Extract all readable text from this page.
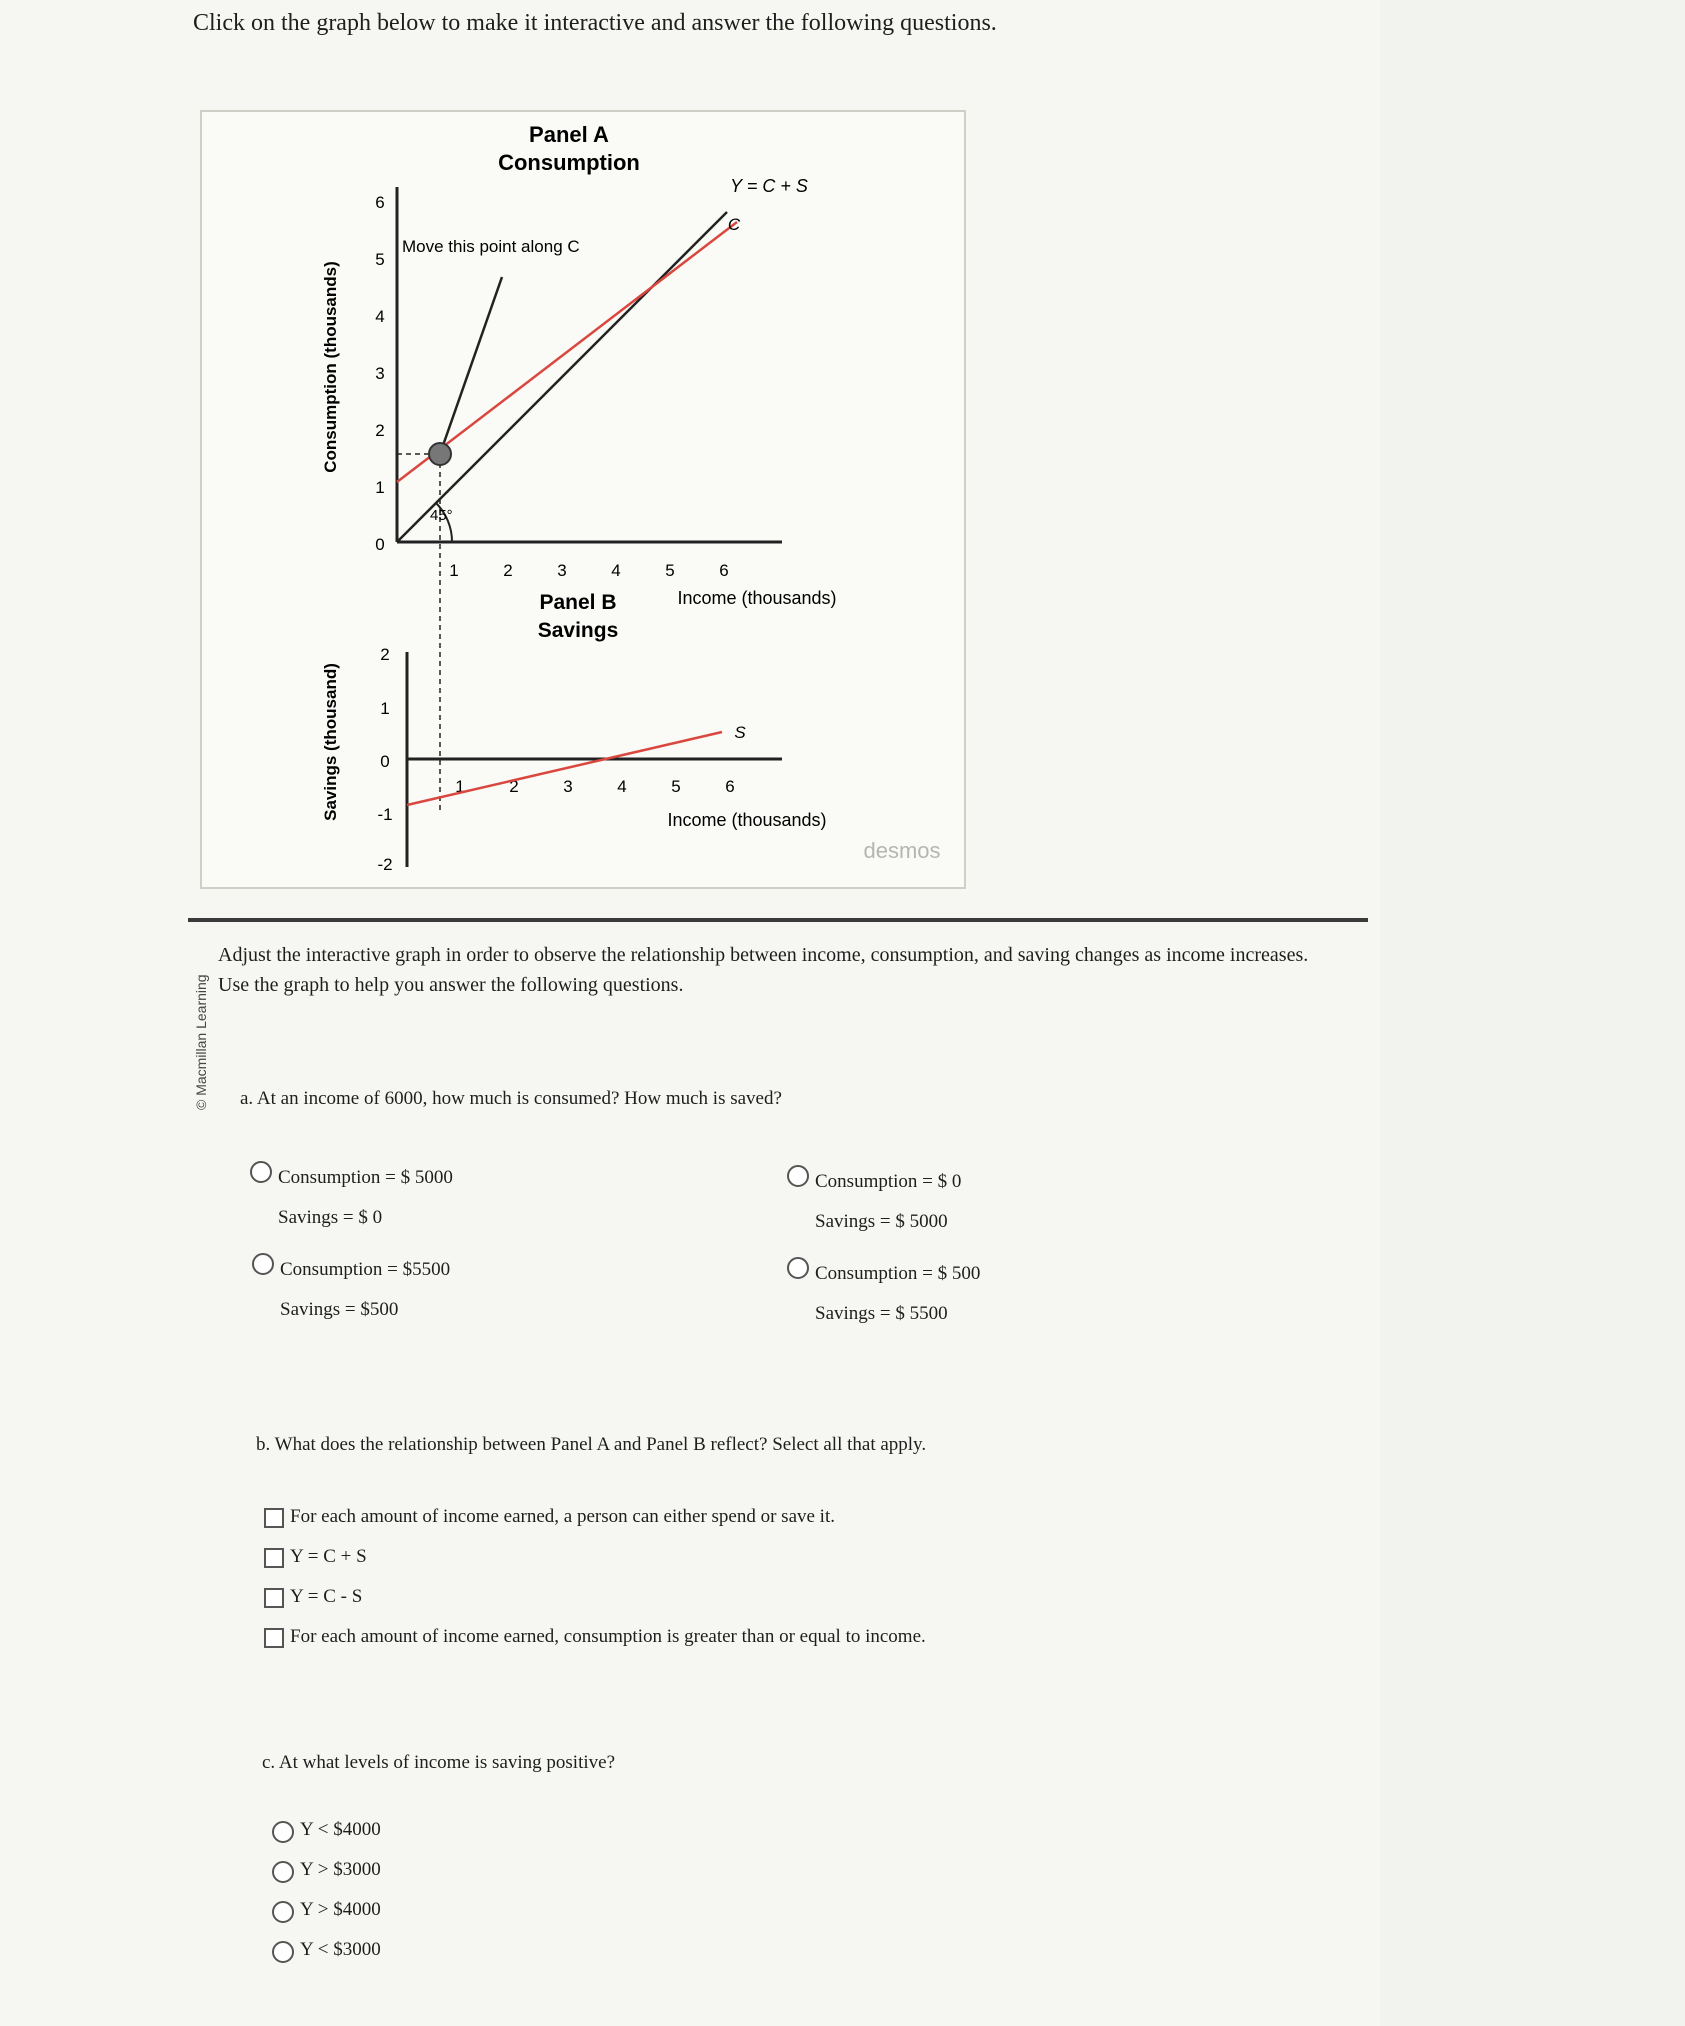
Click on the graph below to make it interactive and answer the following questions.
Panel A
Consumption
Consumption (thousands)
0
1
2
3
4
5
6
1	2	3	4	5	6
Income (thousands)
Y = C + S
C
Move this point along C
45°
Panel B
Savings
Savings (thousand)
-2
-1
0
1
2
1	2	3	4	5	6
Income (thousands)
S
desmos
© Macmillan Learning
Adjust the interactive graph in order to observe the relationship between income, consumption, and saving changes as income increases. Use the graph to help you answer the following questions.
a. At an income of 6000, how much is consumed? How much is saved?
Consumption = $ 5000
Savings = $ 0
Consumption = $ 0
Savings = $ 5000
Consumption = $5500
Savings = $500
Consumption = $ 500
Savings = $ 5500
b. What does the relationship between Panel A and Panel B reflect? Select all that apply.
For each amount of income earned, a person can either spend or save it.
Y = C + S
Y = C - S
For each amount of income earned, consumption is greater than or equal to income.
c. At what levels of income is saving positive?
Y < $4000
Y > $3000
Y > $4000
Y < $3000
